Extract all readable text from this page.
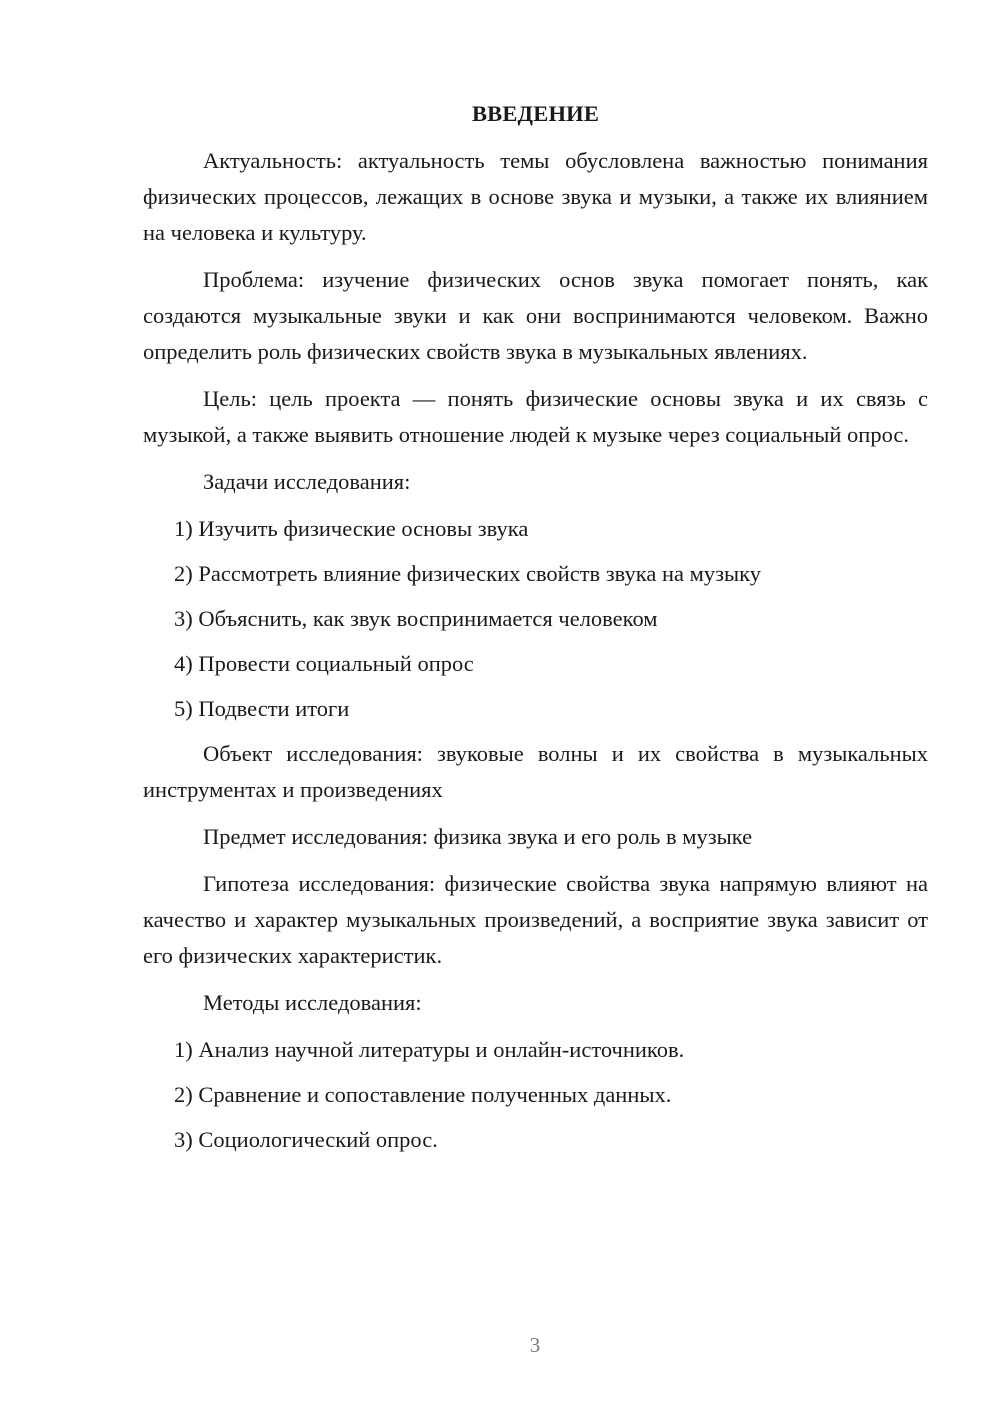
ВВЕДЕНИЕ

Актуальность: актуальность темы обусловлена важностью понимания физических процессов, лежащих в основе звука и музыки, а также их влиянием на человека и культуру.

Проблема: изучение физических основ звука помогает понять, как создаются музыкальные звуки и как они воспринимаются человеком. Важно определить роль физических свойств звука в музыкальных явлениях.

Цель: цель проекта — понять физические основы звука и их связь с музыкой, а также выявить отношение людей к музыке через социальный опрос.

Задачи исследования:

1) Изучить физические основы звука

2) Рассмотреть влияние физических свойств звука на музыку

3) Объяснить, как звук воспринимается человеком

4) Провести социальный опрос

5) Подвести итоги

Объект исследования: звуковые волны и их свойства в музыкальных инструментах и произведениях

Предмет исследования: физика звука и его роль в музыке

Гипотеза исследования: физические свойства звука напрямую влияют на качество и характер музыкальных произведений, а восприятие звука зависит от его физических характеристик.

Методы исследования:

1) Анализ научной литературы и онлайн-источников.

2) Сравнение и сопоставление полученных данных.

3) Социологический опрос.

3
